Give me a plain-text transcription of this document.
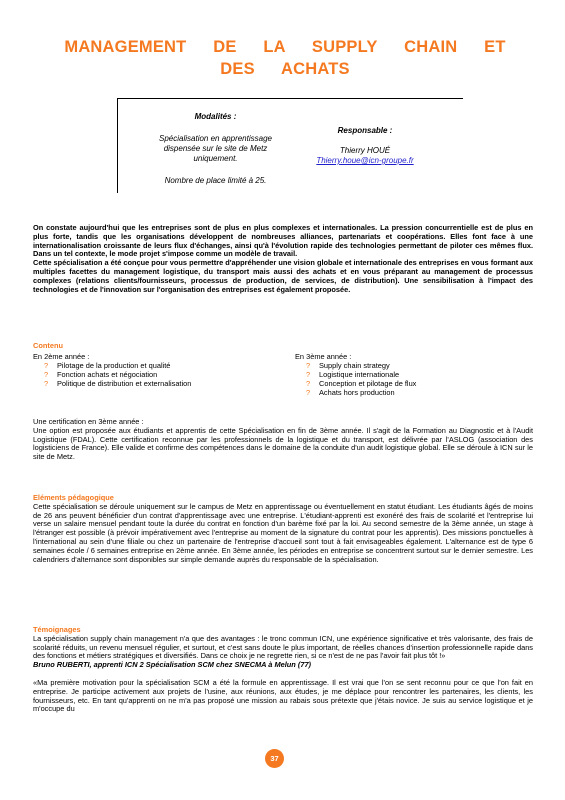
MANAGEMENT DE LA SUPPLY CHAIN ET DES ACHATS
Modalités :
Spécialisation en apprentissage
dispensée sur le site de Metz
uniquement.
Nombre de place limité à 25.
Responsable :
Thierry HOUÉ
Thierry.houe@icn-groupe.fr

On constate aujourd'hui que les entreprises sont de plus en plus complexes et internationales. La pression concurrentielle est de plus en plus forte, tandis que les organisations développent de nombreuses alliances, partenariats et coopérations. Elles font face à une internationalisation croissante de leurs flux d'échanges, ainsi qu'à l'évolution rapide des technologies permettant de piloter ces mêmes flux. Dans un tel contexte, le mode projet s'impose comme un modèle de travail.

Cette spécialisation a été conçue pour vous permettre d'appréhender une vision globale et internationale des entreprises en vous formant aux multiples facettes du management logistique, du transport mais aussi des achats et en vous préparant au management de processus complexes (relations clients/fournisseurs, processus de production, de services, de distribution). Une sensibilisation à l'impact des technologies et de l'innovation sur l'organisation des entreprises est également proposée.

Contenu
En 2ème année :
? Pilotage de la production et qualité
? Fonction achats et négociation
? Politique de distribution et externalisation
En 3ème année :
? Supply chain strategy
? Logistique internationale
? Conception et pilotage de flux
? Achats hors production

Une certification en 3ème année :

Une option est proposée aux étudiants et apprentis de cette Spécialisation en fin de 3ème année. Il s'agit de la Formation au Diagnostic et à l'Audit Logistique (FDAL). Cette certification reconnue par les professionnels de la logistique et du transport, est délivrée par l'ASLOG (association des logisticiens de France). Elle valide et confirme des compétences dans le domaine de la conduite d'un audit logistique global. Elle se déroule à ICN sur le site de Metz.

Eléments pédagogique

Cette spécialisation se déroule uniquement sur le campus de Metz en apprentissage ou éventuellement en statut étudiant. Les étudiants âgés de moins de 26 ans peuvent bénéficier d'un contrat d'apprentissage avec une entreprise. L'étudiant-apprenti est exonéré des frais de scolarité et l'entreprise lui verse un salaire mensuel pendant toute la durée du contrat en fonction d'un barème fixé par la loi. Au second semestre de la 3ème année, un stage à l'étranger est possible (à prévoir impérativement avec l'entreprise au moment de la signature du contrat pour les apprentis). Des missions ponctuelles à l'international au sein d'une filiale ou chez un partenaire de l'entreprise d'accueil sont tout à fait envisageables également. L'alternance est de type 6 semaines école / 6 semaines entreprise en 2ème année. En 3ème année, les périodes en entreprise se concentrent surtout sur le dernier semestre. Les calendriers d'alternance sont disponibles sur simple demande auprès du responsable de la spécialisation.

Témoignages

La spécialisation supply chain management n'a que des avantages : le tronc commun ICN, une expérience significative et très valorisante, des frais de scolarité réduits, un revenu mensuel régulier, et surtout, et c'est sans doute le plus important, de réelles chances d'insertion professionnelle rapide dans des fonctions et métiers stratégiques et diversifiés. Dans ce choix je ne regrette rien, si ce n'est de ne pas l'avoir fait plus tôt !»

Bruno RUBERTI, apprenti ICN 2 Spécialisation SCM chez SNECMA à Melun (77)

«Ma première motivation pour la spécialisation SCM a été la formule en apprentissage. Il est vrai que l'on se sent reconnu pour ce que l'on fait en entreprise. Je participe activement aux projets de l'usine, aux réunions, aux études, je me déplace pour rencontrer les partenaires, les clients, les fournisseurs, etc. En tant qu'apprenti on ne m'a pas proposé une mission au rabais sous prétexte que j'étais novice. Je suis au service logistique et je m'occupe du

37
